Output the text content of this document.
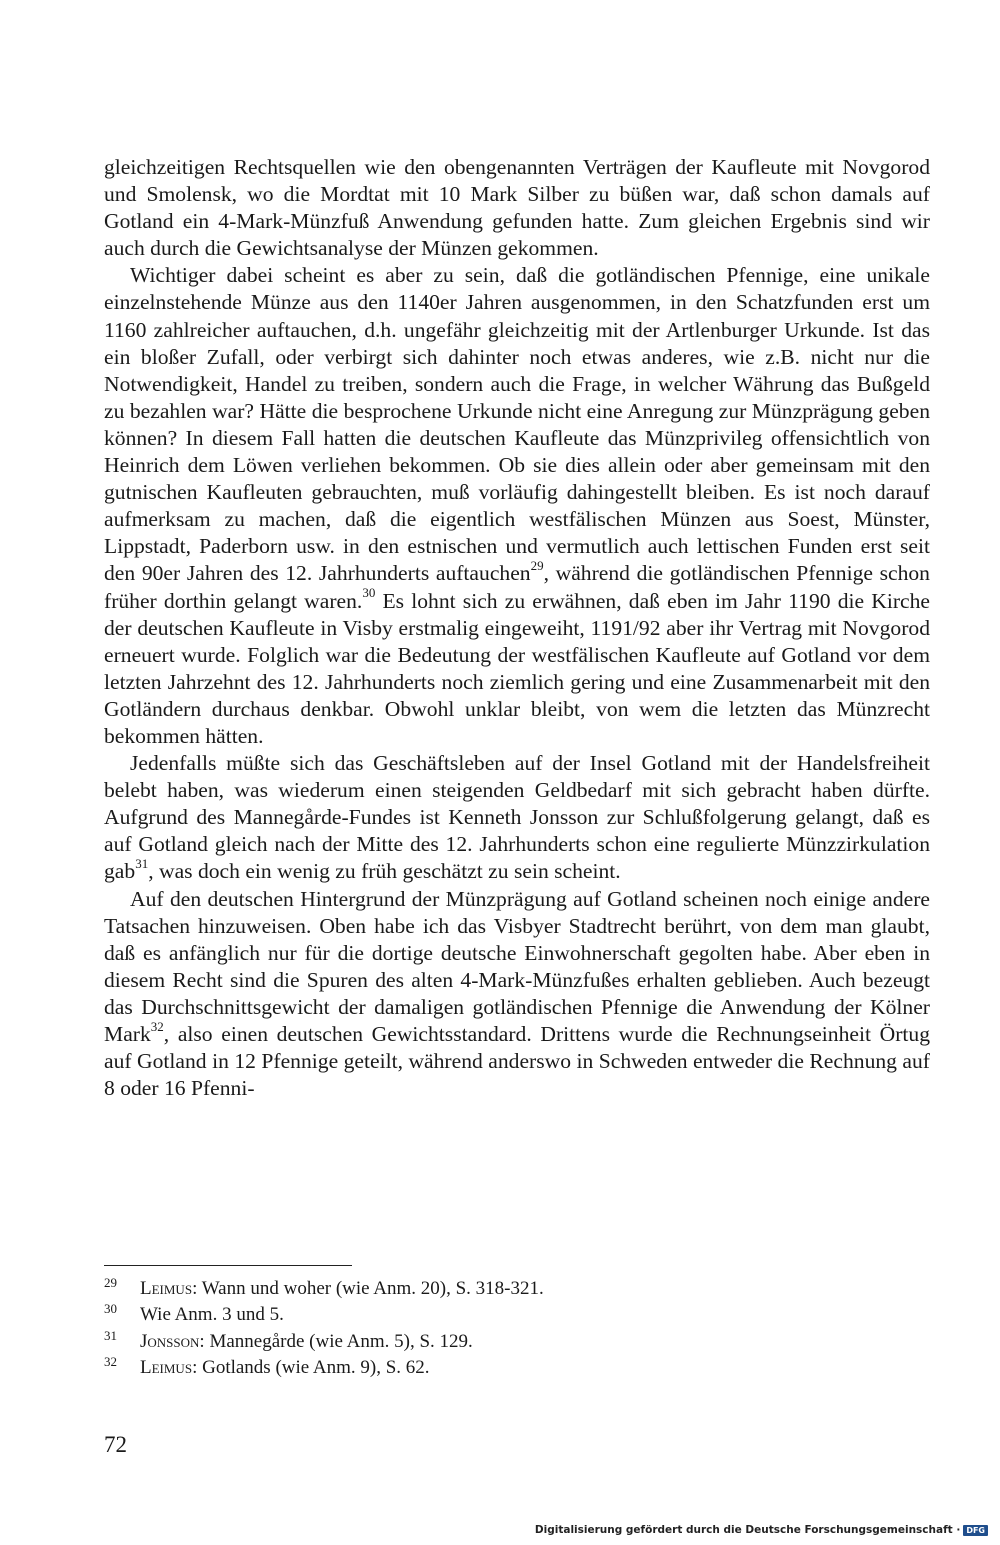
gleichzeitigen Rechtsquellen wie den obengenannten Verträgen der Kaufleute mit Novgorod und Smolensk, wo die Mordtat mit 10 Mark Silber zu büßen war, daß schon damals auf Gotland ein 4-Mark-Münzfuß Anwendung gefunden hatte. Zum gleichen Ergebnis sind wir auch durch die Gewichtsanalyse der Münzen gekommen.

Wichtiger dabei scheint es aber zu sein, daß die gotländischen Pfennige, eine unikale einzelnstehende Münze aus den 1140er Jahren ausgenommen, in den Schatzfunden erst um 1160 zahlreicher auftauchen, d.h. ungefähr gleichzeitig mit der Artlenburger Urkunde. Ist das ein bloßer Zufall, oder verbirgt sich dahinter noch etwas anderes, wie z.B. nicht nur die Notwendigkeit, Handel zu treiben, sondern auch die Frage, in welcher Währung das Bußgeld zu bezahlen war? Hätte die besprochene Urkunde nicht eine Anregung zur Münzprägung geben können? In diesem Fall hatten die deutschen Kaufleute das Münzprivileg offensichtlich von Heinrich dem Löwen verliehen bekommen. Ob sie dies allein oder aber gemeinsam mit den gutnischen Kaufleuten gebrauchten, muß vorläufig dahingestellt bleiben. Es ist noch darauf aufmerksam zu machen, daß die eigentlich westfälischen Münzen aus Soest, Münster, Lippstadt, Paderborn usw. in den estnischen und vermutlich auch lettischen Funden erst seit den 90er Jahren des 12. Jahrhunderts auftauchen$^{29}$, während die gotländischen Pfennige schon früher dorthin gelangt waren.$^{30}$ Es lohnt sich zu erwähnen, daß eben im Jahr 1190 die Kirche der deutschen Kaufleute in Visby erstmalig eingeweiht, 1191/92 aber ihr Vertrag mit Novgorod erneuert wurde. Folglich war die Bedeutung der westfälischen Kaufleute auf Gotland vor dem letzten Jahrzehnt des 12. Jahrhunderts noch ziemlich gering und eine Zusammenarbeit mit den Gotländern durchaus denkbar. Obwohl unklar bleibt, von wem die letzten das Münzrecht bekommen hätten.

Jedenfalls müßte sich das Geschäftsleben auf der Insel Gotland mit der Handelsfreiheit belebt haben, was wiederum einen steigenden Geldbedarf mit sich gebracht haben dürfte. Aufgrund des Mannegårde-Fundes ist Kenneth Jonsson zur Schlußfolgerung gelangt, daß es auf Gotland gleich nach der Mitte des 12. Jahrhunderts schon eine regulierte Münzzirkulation gab$^{31}$, was doch ein wenig zu früh geschätzt zu sein scheint.

Auf den deutschen Hintergrund der Münzprägung auf Gotland scheinen noch einige andere Tatsachen hinzuweisen. Oben habe ich das Visbyer Stadtrecht berührt, von dem man glaubt, daß es anfänglich nur für die dortige deutsche Einwohnerschaft gegolten habe. Aber eben in diesem Recht sind die Spuren des alten 4-Mark-Münzfußes erhalten geblieben. Auch bezeugt das Durchschnittsgewicht der damaligen gotländischen Pfennige die Anwendung der Kölner Mark$^{32}$, also einen deutschen Gewichtsstandard. Drittens wurde die Rechnungseinheit Örtug auf Gotland in 12 Pfennige geteilt, während anderswo in Schweden entweder die Rechnung auf 8 oder 16 Pfenni-

29 Leimus: Wann und woher (wie Anm. 20), S. 318-321.
30 Wie Anm. 3 und 5.
31 Jonsson: Mannegårde (wie Anm. 5), S. 129.
32 Leimus: Gotlands (wie Anm. 9), S. 62.
72
Digitalisierung gefördert durch die Deutsche Forschungsgemeinschaft · DFG
